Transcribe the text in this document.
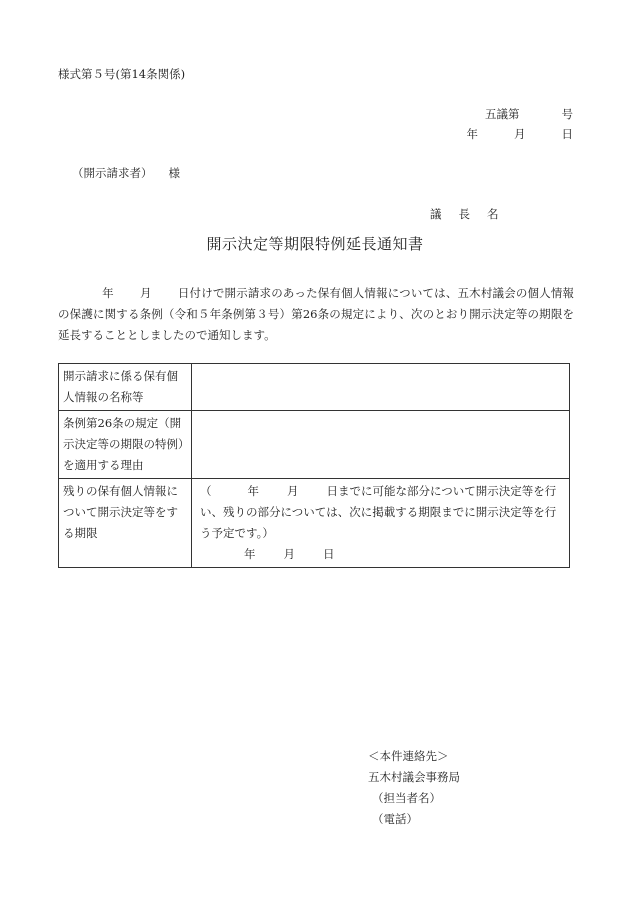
様式第５号(第14条関係)
五議第	号
年	月	日
（開示請求者） 様
議長名
開示決定等期限特例延長通知書
年 月 日付けで開示請求のあった保有個人情報については、五木村議会の個人情報の保護に関する条例（令和５年条例第３号）第26条の規定により、次のとおり開示決定等の期限を延長することとしましたので通知します。
開示請求に係る保有個人情報の名称等	
条例第26条の規定（開示決定等の期限の特例）を適用する理由	
残りの保有個人情報について開示決定等をする期限	（ 年 月 日までに可能な部分について開示決定等を行い、残りの部分については、次に掲載する期限までに開示決定等を行う予定です。）
年 月 日
＜本件連絡先＞
五木村議会事務局
（担当者名）
（電話）
